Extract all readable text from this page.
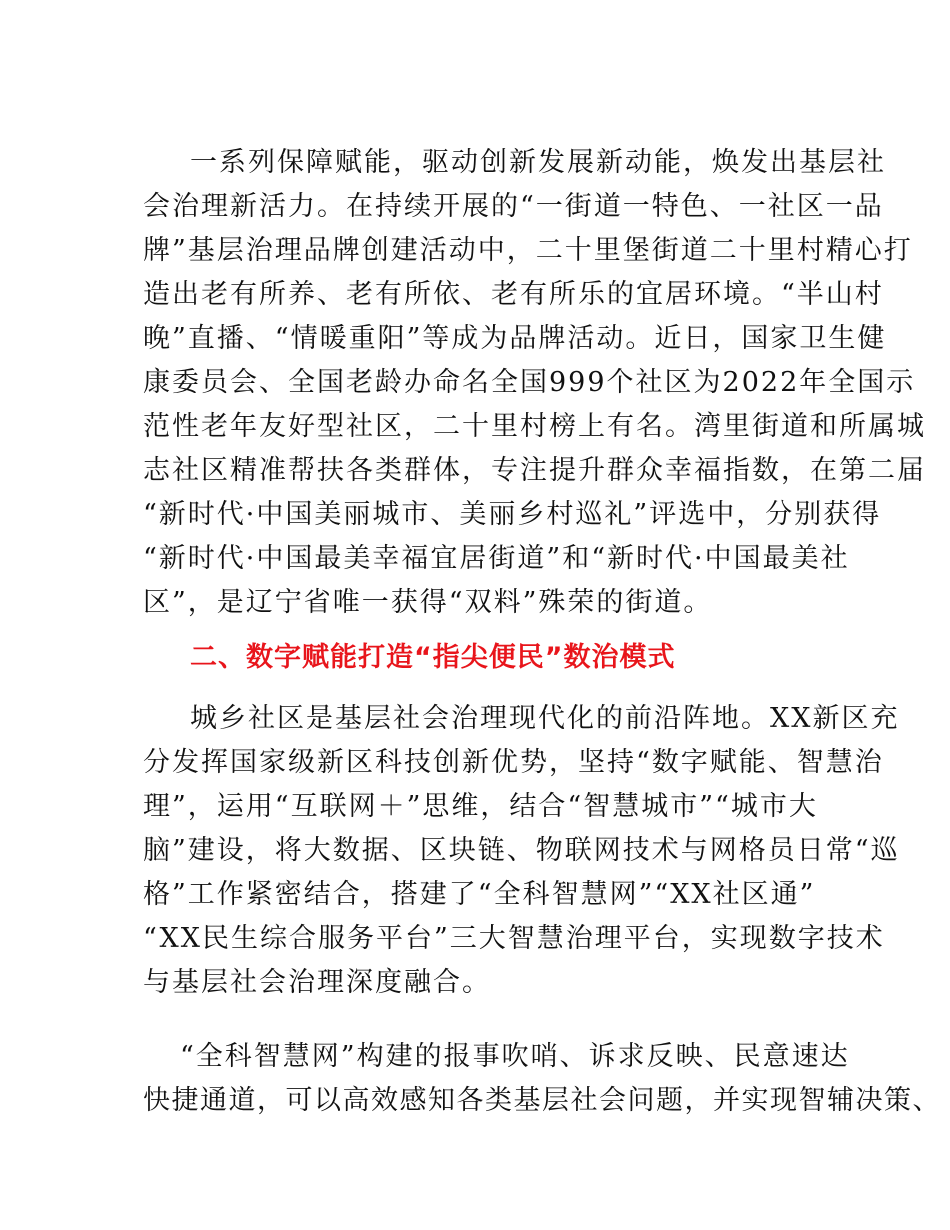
一系列保障赋能，驱动创新发展新动能，焕发出基层社
会治理新活力。在持续开展的“一街道一特色、一社区一品
牌”基层治理品牌创建活动中，二十里堡街道二十里村精心打
造出老有所养、老有所依、老有所乐的宜居环境。“半山村
晚”直播、“情暖重阳”等成为品牌活动。近日，国家卫生健
康委员会、全国老龄办命名全国999个社区为2022年全国示
范性老年友好型社区，二十里村榜上有名。湾里街道和所属城
志社区精准帮扶各类群体，专注提升群众幸福指数，在第二届
“新时代·中国美丽城市、美丽乡村巡礼”评选中，分别获得
“新时代·中国最美幸福宜居街道”和“新时代·中国最美社
区”，是辽宁省唯一获得“双料”殊荣的街道。
二、数字赋能打造“指尖便民”数治模式
城乡社区是基层社会治理现代化的前沿阵地。XX新区充
分发挥国家级新区科技创新优势，坚持“数字赋能、智慧治
理”，运用“互联网＋”思维，结合“智慧城市”“城市大
脑”建设，将大数据、区块链、物联网技术与网格员日常“巡
格”工作紧密结合，搭建了“全科智慧网”“XX社区通”
“XX民生综合服务平台”三大智慧治理平台，实现数字技术
与基层社会治理深度融合。
“全科智慧网”构建的报事吹哨、诉求反映、民意速达
快捷通道，可以高效感知各类基层社会问题，并实现智辅决策、
